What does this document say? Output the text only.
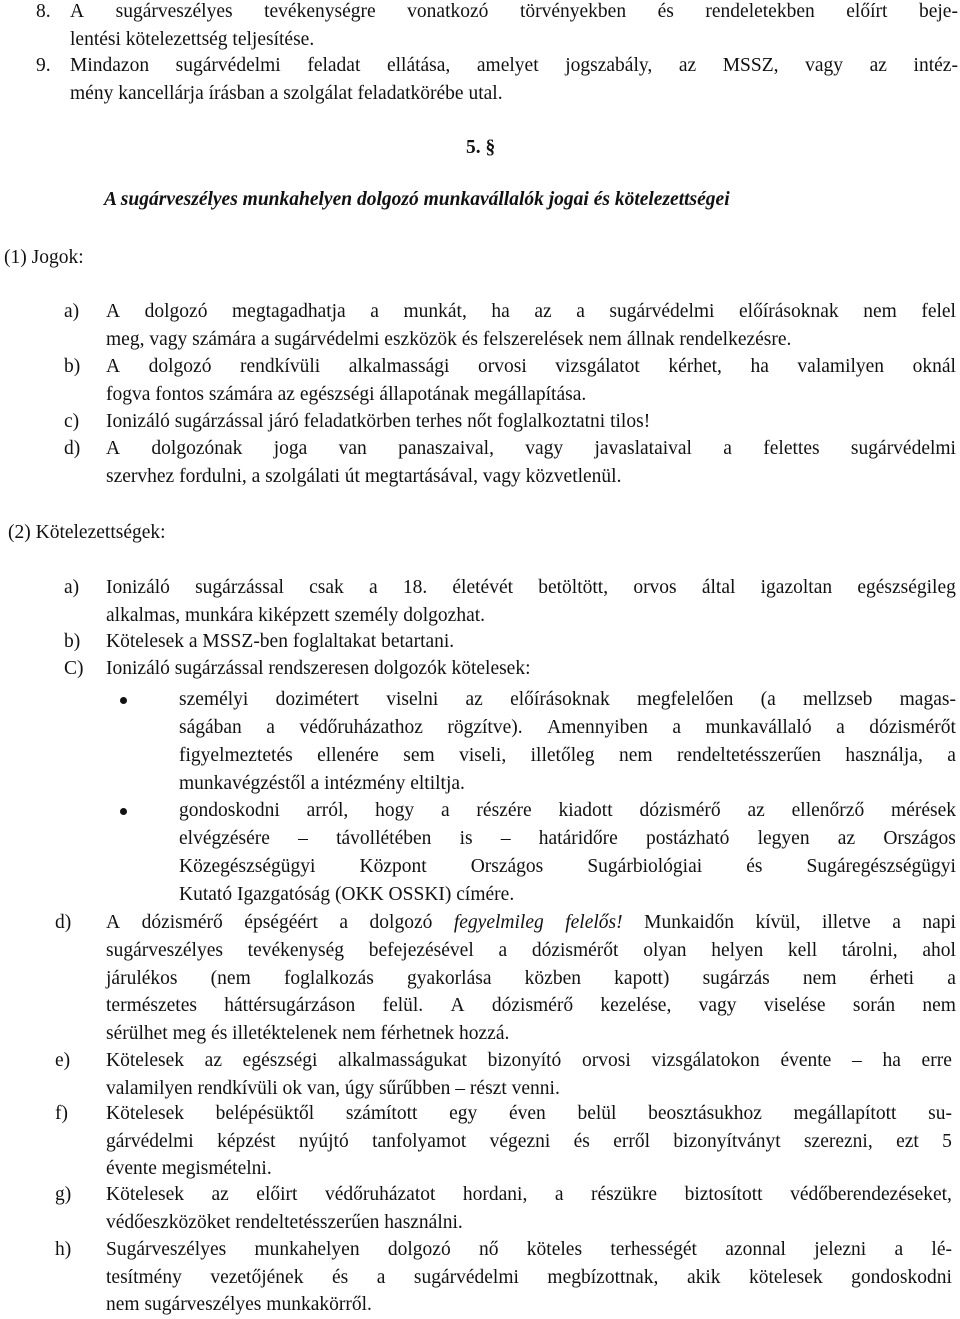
8. A sugárveszélyes tevékenységre vonatkozó törvényekben és rendeletekben előírt beje-
lentési kötelezettség teljesítése.
9. Mindazon sugárvédelmi feladat ellátása, amelyet jogszabály, az MSSZ, vagy az intéz-
mény kancellárja írásban a szolgálat feladatkörébe utal.
5. §
A sugárveszélyes munkahelyen dolgozó munkavállalók jogai és kötelezettségei
(1) Jogok:
a) A dolgozó megtagadhatja a munkát, ha az a sugárvédelmi előírásoknak nem felel
meg, vagy számára a sugárvédelmi eszközök és felszerelések nem állnak rendelkezésre.
b) A dolgozó rendkívüli alkalmassági orvosi vizsgálatot kérhet, ha valamilyen oknál
fogva fontos számára az egészségi állapotának megállapítása.
c) Ionizáló sugárzással járó feladatkörben terhes nőt foglalkoztatni tilos!
d) A dolgozónak joga van panaszaival, vagy javaslataival a felettes sugárvédelmi
szervhez fordulni, a szolgálati út megtartásával, vagy közvetlenül.
(2) Kötelezettségek:
a) Ionizáló sugárzással csak a 18. életévét betöltött, orvos által igazoltan egészségileg
alkalmas, munkára kiképzett személy dolgozhat.
b) Kötelesek a MSSZ-ben foglaltakat betartani.
C) Ionizáló sugárzással rendszeresen dolgozók kötelesek:
személyi dozimétert viselni az előírásoknak megfelelően (a mellzseb magas-
ságában a védőruházathoz rögzítve). Amennyiben a munkavállaló a dózismérőt
figyelmeztetés ellenére sem viseli, illetőleg nem rendeltetésszerűen használja, a
munkavégzéstől a intézmény eltiltja.
gondoskodni arról, hogy a részére kiadott dózismérő az ellenőrző mérések
elvégzésére – távollétében is – határidőre postázható legyen az Országos
Közegészségügyi Központ Országos Sugárbiológiai és Sugáregészségügyi
Kutató Igazgatóság (OKK OSSKI) címére.
d) A dózismérő épségéért a dolgozó fegyelmileg felelős! Munkaidőn kívül, illetve a napi
sugárveszélyes tevékenység befejezésével a dózismérőt olyan helyen kell tárolni, ahol
járulékos (nem foglalkozás gyakorlása közben kapott) sugárzás nem érheti a
természetes háttérsugárzáson felül. A dózismérő kezelése, vagy viselése során nem
sérülhet meg és illetéktelenek nem férhetnek hozzá.
e) Kötelesek az egészségi alkalmasságukat bizonyító orvosi vizsgálatokon évente – ha erre
valamilyen rendkívüli ok van, úgy sűrűbben – részt venni.
f) Kötelesek belépésüktől számított egy éven belül beosztásukhoz megállapított su-
gárvédelmi képzést nyújtó tanfolyamot végezni és erről bizonyítványt szerezni, ezt 5
évente megismételni.
g) Kötelesek az előirt védőruházatot hordani, a részükre biztosított védőberendezéseket,
védőeszközöket rendeltetésszerűen használni.
h) Sugárveszélyes munkahelyen dolgozó nő köteles terhességét azonnal jelezni a lé-
tesítmény vezetőjének és a sugárvédelmi megbízottnak, akik kötelesek gondoskodni
nem sugárveszélyes munkakörről.
